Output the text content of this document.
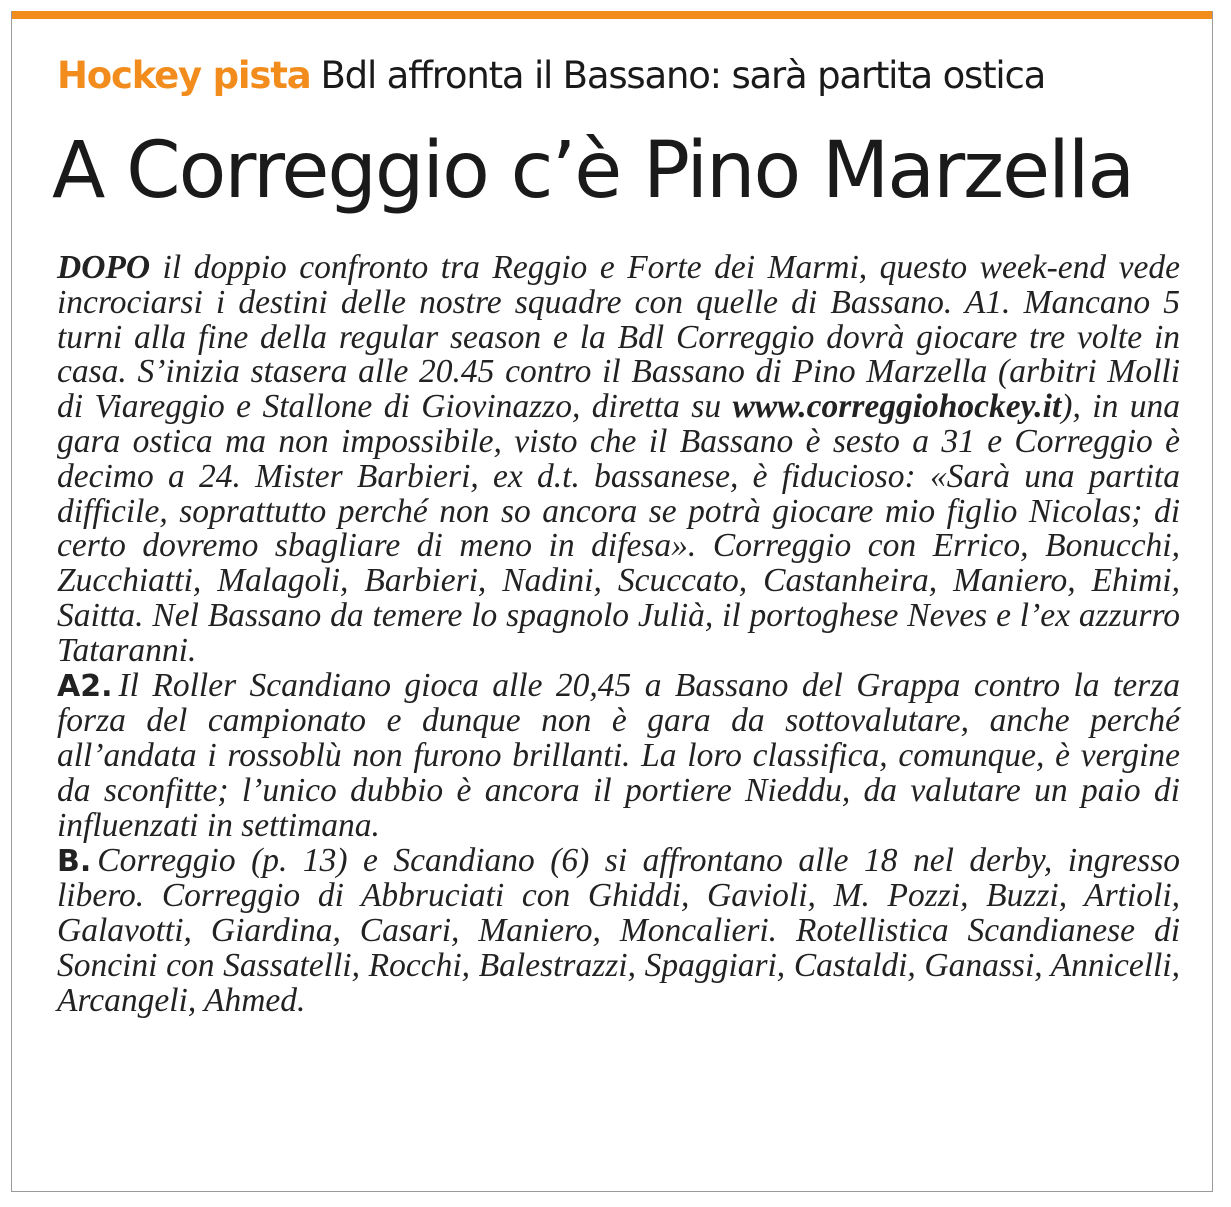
Hockey pista Bdl affronta il Bassano: sarà partita ostica
A Correggio c’è Pino Marzella

DOPO il doppio confronto tra Reggio e Forte dei Marmi, questo week-end vede incrociarsi i destini delle nostre squadre con quelle di Bassano. A1. Mancano 5 turni alla fine della regular season e la Bdl Correggio dovrà giocare tre volte in casa. S’inizia stasera alle 20.45 contro il Bassano di Pino Marzella (arbitri Molli di Viareggio e Stallone di Giovinazzo, diretta su www.correggiohockey.it), in una gara ostica ma non impossibile, visto che il Bassano è sesto a 31 e Correggio è decimo a 24. Mister Barbieri, ex d.t. bassanese, è fiducioso: «Sarà una partita difficile, soprattutto perché non so ancora se potrà giocare mio figlio Nicolas; di certo dovremo sbagliare di meno in difesa». Correggio con Errico, Bonucchi, Zucchiatti, Malagoli, Barbieri, Nadini, Scuccato, Castanheira, Maniero, Ehimi, Saitta. Nel Bassano da temere lo spagnolo Julià, il portoghese Neves e l’ex azzurro Tataranni.

A2. Il Roller Scandiano gioca alle 20,45 a Bassano del Grappa contro la terza forza del campionato e dunque non è gara da sottovalutare, anche perché all’andata i rossoblù non furono brillanti. La loro classifica, comunque, è vergine da sconfitte; l’unico dubbio è ancora il portiere Nieddu, da valutare un paio di influenzati in settimana.

B. Correggio (p. 13) e Scandiano (6) si affrontano alle 18 nel derby, ingresso libero. Correggio di Abbruciati con Ghiddi, Gavioli, M. Pozzi, Buzzi, Artioli, Galavotti, Giardina, Casari, Maniero, Moncalieri. Rotellistica Scandianese di Soncini con Sassatelli, Rocchi, Balestrazzi, Spaggiari, Castaldi, Ganassi, Annicelli, Arcangeli, Ahmed.
